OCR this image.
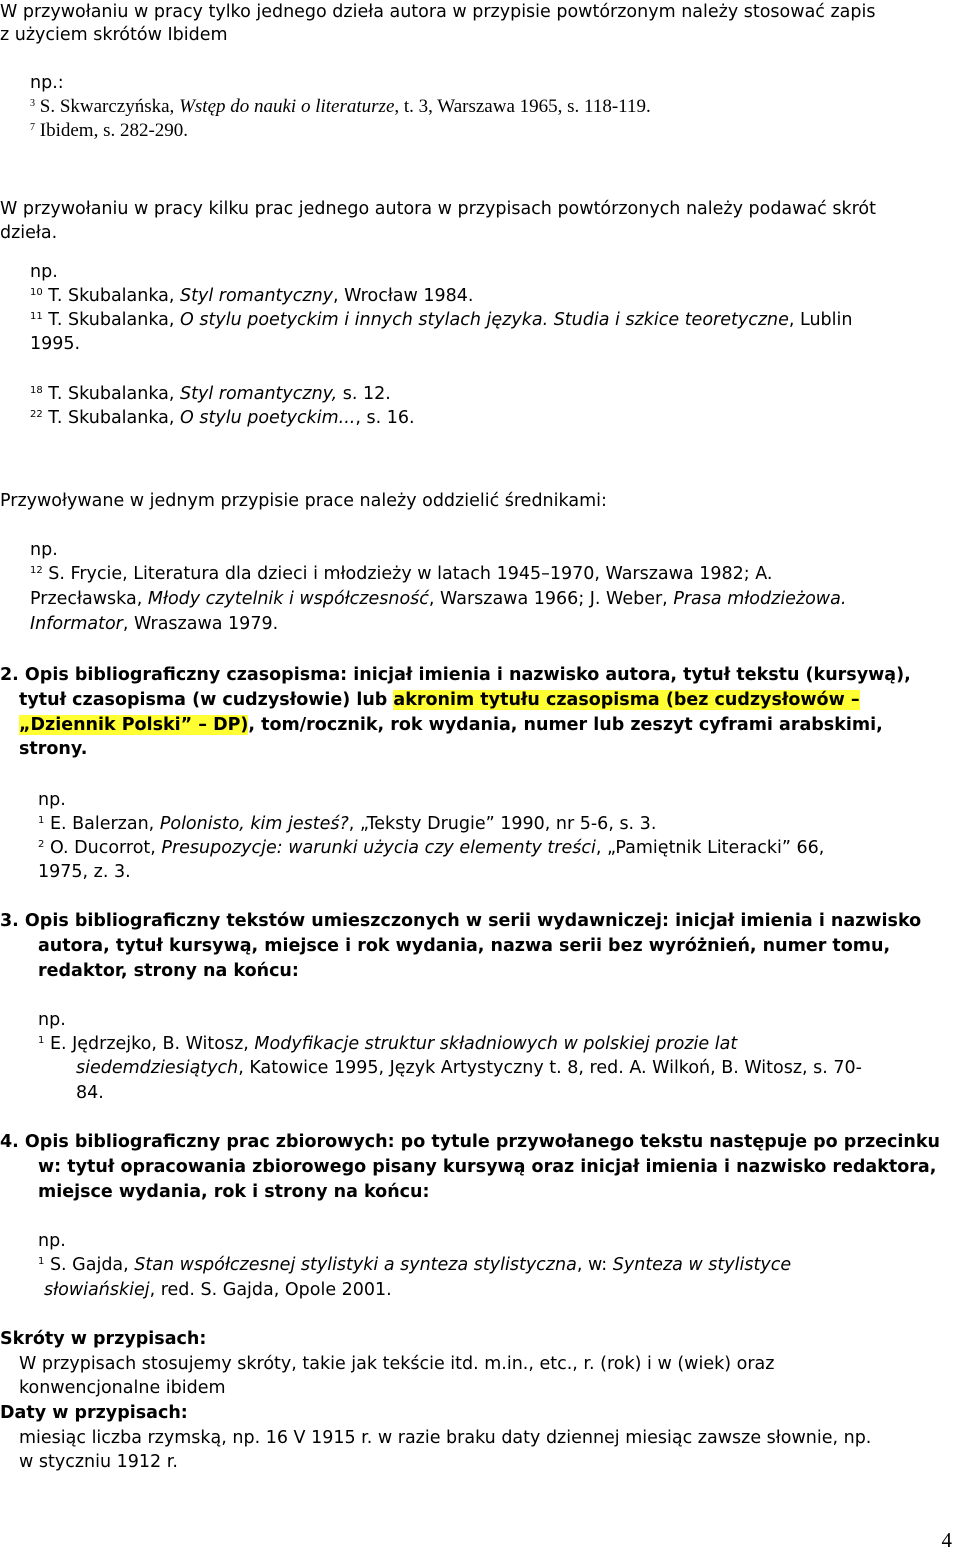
W przywołaniu w pracy tylko jednego dzieła autora w przypisie powtórzonym należy stosować zapis
z użyciem skrótów Ibidem
np.:
$^3$ S. Skwarczyńska, Wstęp do nauki o literaturze, t. 3, Warszawa 1965, s. 118-119.
$^7$ Ibidem, s. 282-290.
W przywołaniu w pracy kilku prac jednego autora w przypisach powtórzonych należy podawać skrót
dzieła.
np.
$^{10}$ T. Skubalanka, Styl romantyczny, Wrocław 1984.
$^{11}$ T. Skubalanka, O stylu poetyckim i innych stylach języka. Studia i szkice teoretyczne, Lublin
1995.
$^{18}$ T. Skubalanka, Styl romantyczny, s. 12.
$^{22}$ T. Skubalanka, O stylu poetyckim..., s. 16.
Przywoływane w jednym przypisie prace należy oddzielić średnikami:
np.
$^{12}$ S. Frycie, Literatura dla dzieci i młodzieży w latach 1945–1970, Warszawa 1982; A.
Przecławska, Młody czytelnik i współczesność, Warszawa 1966; J. Weber, Prasa młodzieżowa.
Informator, Wraszawa 1979.
2. Opis bibliograficzny czasopisma: inicjał imienia i nazwisko autora, tytuł tekstu (kursywą),
tytuł czasopisma (w cudzysłowie) lub akronim tytułu czasopisma (bez cudzysłowów –
„Dziennik Polski” – DP), tom/rocznik, rok wydania, numer lub zeszyt cyframi arabskimi,
strony.
np.
$^1$ E. Balerzan, Polonisto, kim jesteś?, „Teksty Drugie” 1990, nr 5-6, s. 3.
$^2$ O. Ducorrot, Presupozycje: warunki użycia czy elementy treści, „Pamiętnik Literacki” 66,
1975, z. 3.
3. Opis bibliograficzny tekstów umieszczonych w serii wydawniczej: inicjał imienia i nazwisko
autora, tytuł kursywą, miejsce i rok wydania, nazwa serii bez wyróżnień, numer tomu,
redaktor, strony na końcu:
np.
$^1$ E. Jędrzejko, B. Witosz, Modyfikacje struktur składniowych w polskiej prozie lat
siedemdziesiątych, Katowice 1995, Język Artystyczny t. 8, red. A. Wilkoń, B. Witosz, s. 70-
84.
4. Opis bibliograficzny prac zbiorowych: po tytule przywołanego tekstu następuje po przecinku
w: tytuł opracowania zbiorowego pisany kursywą oraz inicjał imienia i nazwisko redaktora,
miejsce wydania, rok i strony na końcu:
np.
$^1$ S. Gajda, Stan współczesnej stylistyki a synteza stylistyczna, w: Synteza w stylistyce
słowiańskiej, red. S. Gajda, Opole 2001.
Skróty w przypisach:
W przypisach stosujemy skróty, takie jak tekście itd. m.in., etc., r. (rok) i w (wiek) oraz
konwencjonalne ibidem
Daty w przypisach:
miesiąc liczba rzymską, np. 16 V 1915 r. w razie braku daty dziennej miesiąc zawsze słownie, np.
w styczniu 1912 r.
4
